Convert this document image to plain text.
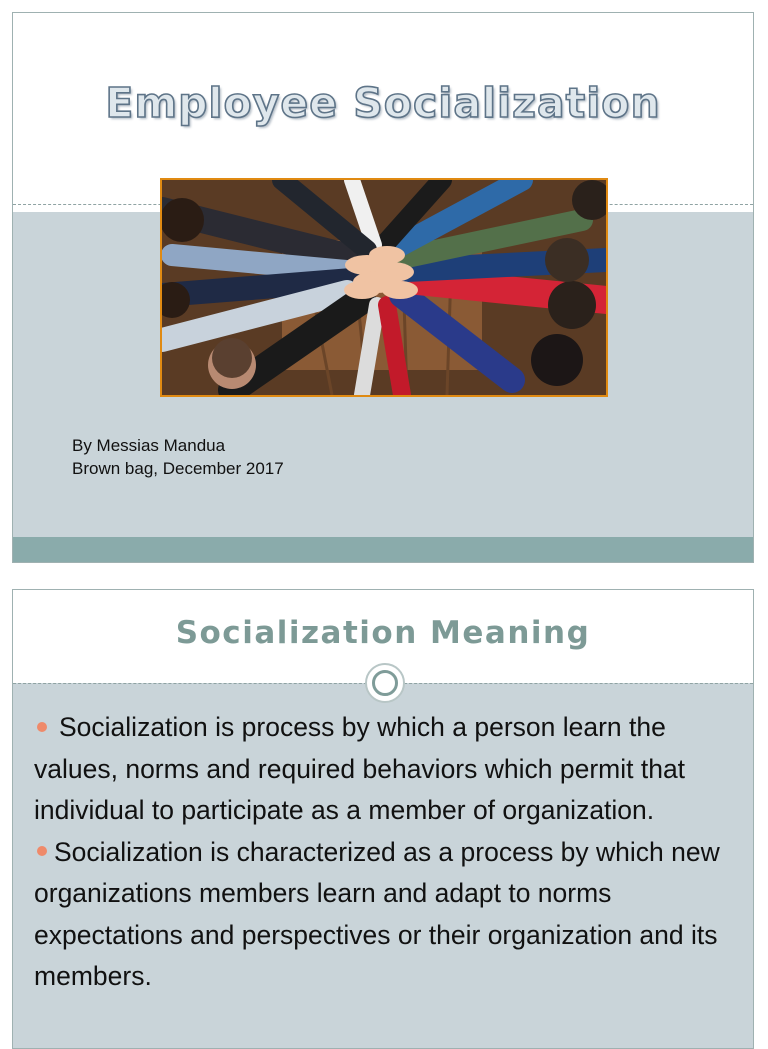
Employee Socialization
By Messias Mandua
Brown bag, December 2017
Socialization Meaning
Socialization is process by which a person learn the values, norms and required behaviors which permit that individual to participate as a member of organization.
Socialization is characterized as a process by which new organizations members learn and adapt to norms expectations and perspectives or their organization and its members.
